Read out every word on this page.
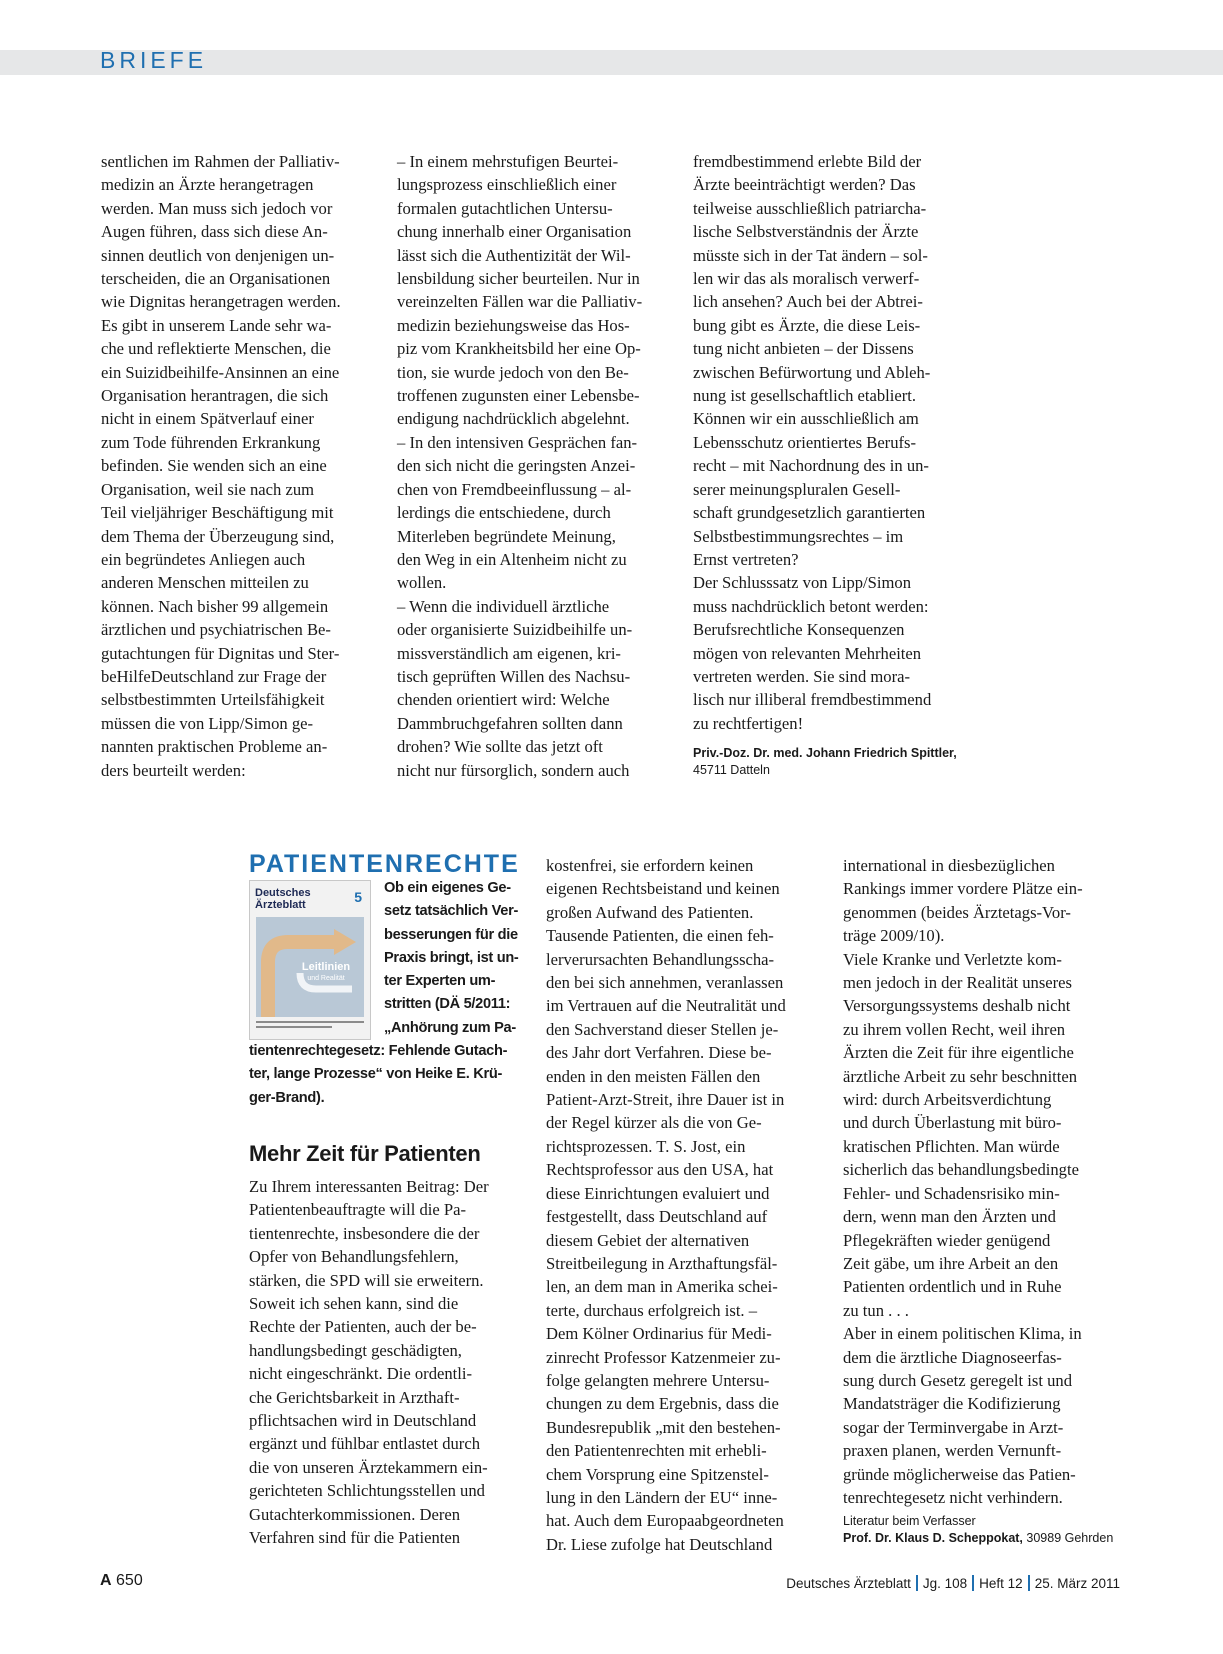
BRIEFE
sentlichen im Rahmen der Palliativ-
medizin an Ärzte herangetragen
werden. Man muss sich jedoch vor
Augen führen, dass sich diese An-
sinnen deutlich von denjenigen un-
terscheiden, die an Organisationen
wie Dignitas herangetragen werden.
Es gibt in unserem Lande sehr wa-
che und reflektierte Menschen, die
ein Suizidbeihilfe-Ansinnen an eine
Organisation herantragen, die sich
nicht in einem Spätverlauf einer
zum Tode führenden Erkrankung
befinden. Sie wenden sich an eine
Organisation, weil sie nach zum
Teil vieljähriger Beschäftigung mit
dem Thema der Überzeugung sind,
ein begründetes Anliegen auch
anderen Menschen mitteilen zu
können. Nach bisher 99 allgemein
ärztlichen und psychiatrischen Be-
gutachtungen für Dignitas und Ster-
beHilfeDeutschland zur Frage der
selbstbestimmten Urteilsfähigkeit
müssen die von Lipp/Simon ge-
nannten praktischen Probleme an-
ders beurteilt werden:
– In einem mehrstufigen Beurtei-
lungsprozess einschließlich einer
formalen gutachtlichen Untersu-
chung innerhalb einer Organisation
lässt sich die Authentizität der Wil-
lensbildung sicher beurteilen. Nur in
vereinzelten Fällen war die Palliativ-
medizin beziehungsweise das Hos-
piz vom Krankheitsbild her eine Op-
tion, sie wurde jedoch von den Be-
troffenen zugunsten einer Lebensbe-
endigung nachdrücklich abgelehnt.
– In den intensiven Gesprächen fan-
den sich nicht die geringsten Anzei-
chen von Fremdbeeinflussung – al-
lerdings die entschiedene, durch
Miterleben begründete Meinung,
den Weg in ein Altenheim nicht zu
wollen.
– Wenn die individuell ärztliche
oder organisierte Suizidbeihilfe un-
missverständlich am eigenen, kri-
tisch geprüften Willen des Nachsu-
chenden orientiert wird: Welche
Dammbruchgefahren sollten dann
drohen? Wie sollte das jetzt oft
nicht nur fürsorglich, sondern auch
fremdbestimmend erlebte Bild der
Ärzte beeinträchtigt werden? Das
teilweise ausschließlich patriarcha-
lische Selbstverständnis der Ärzte
müsste sich in der Tat ändern – sol-
len wir das als moralisch verwerf-
lich ansehen? Auch bei der Abtrei-
bung gibt es Ärzte, die diese Leis-
tung nicht anbieten – der Dissens
zwischen Befürwortung und Ableh-
nung ist gesellschaftlich etabliert.
Können wir ein ausschließlich am
Lebensschutz orientiertes Berufs-
recht – mit Nachordnung des in un-
serer meinungspluralen Gesell-
schaft grundgesetzlich garantierten
Selbstbestimmungsrechtes – im
Ernst vertreten?
Der Schlusssatz von Lipp/Simon
muss nachdrücklich betont werden:
Berufsrechtliche Konsequenzen
mögen von relevanten Mehrheiten
vertreten werden. Sie sind mora-
lisch nur illiberal fremdbestimmend
zu rechtfertigen!
Priv.-Doz. Dr. med. Johann Friedrich Spittler,
45711 Datteln
PATIENTENRECHTE
Deutsches
Ärzteblatt	5
Leitlinien
und Realität
Ob ein eigenes Ge-
setz tatsächlich Ver-
besserungen für die
Praxis bringt, ist un-
ter Experten um-
stritten (DÄ 5/2011:
„Anhörung zum Pa-
tientenrechtegesetz: Fehlende Gutach-
ter, lange Prozesse“ von Heike E. Krü-
ger-Brand).
Mehr Zeit für Patienten
Zu Ihrem interessanten Beitrag: Der
Patientenbeauftragte will die Pa-
tientenrechte, insbesondere die der
Opfer von Behandlungsfehlern,
stärken, die SPD will sie erweitern.
Soweit ich sehen kann, sind die
Rechte der Patienten, auch der be-
handlungsbedingt geschädigten,
nicht eingeschränkt. Die ordentli-
che Gerichtsbarkeit in Arzthaft-
pflichtsachen wird in Deutschland
ergänzt und fühlbar entlastet durch
die von unseren Ärztekammern ein-
gerichteten Schlichtungsstellen und
Gutachterkommissionen. Deren
Verfahren sind für die Patienten
kostenfrei, sie erfordern keinen
eigenen Rechtsbeistand und keinen
großen Aufwand des Patienten.
Tausende Patienten, die einen feh-
lerverursachten Behandlungsscha-
den bei sich annehmen, veranlassen
im Vertrauen auf die Neutralität und
den Sachverstand dieser Stellen je-
des Jahr dort Verfahren. Diese be-
enden in den meisten Fällen den
Patient-Arzt-Streit, ihre Dauer ist in
der Regel kürzer als die von Ge-
richtsprozessen. T. S. Jost, ein
Rechtsprofessor aus den USA, hat
diese Einrichtungen evaluiert und
festgestellt, dass Deutschland auf
diesem Gebiet der alternativen
Streitbeilegung in Arzthaftungsfäl-
len, an dem man in Amerika schei-
terte, durchaus erfolgreich ist. –
Dem Kölner Ordinarius für Medi-
zinrecht Professor Katzenmeier zu-
folge gelangten mehrere Untersu-
chungen zu dem Ergebnis, dass die
Bundesrepublik „mit den bestehen-
den Patientenrechten mit erhebli-
chem Vorsprung eine Spitzenstel-
lung in den Ländern der EU“ inne-
hat. Auch dem Europaabgeordneten
Dr. Liese zufolge hat Deutschland
international in diesbezüglichen
Rankings immer vordere Plätze ein-
genommen (beides Ärztetags-Vor-
träge 2009/10).
Viele Kranke und Verletzte kom-
men jedoch in der Realität unseres
Versorgungssystems deshalb nicht
zu ihrem vollen Recht, weil ihren
Ärzten die Zeit für ihre eigentliche
ärztliche Arbeit zu sehr beschnitten
wird: durch Arbeitsverdichtung
und durch Überlastung mit büro-
kratischen Pflichten. Man würde
sicherlich das behandlungsbedingte
Fehler- und Schadensrisiko min-
dern, wenn man den Ärzten und
Pflegekräften wieder genügend
Zeit gäbe, um ihre Arbeit an den
Patienten ordentlich und in Ruhe
zu tun . . .
Aber in einem politischen Klima, in
dem die ärztliche Diagnoseerfas-
sung durch Gesetz geregelt ist und
Mandatsträger die Kodifizierung
sogar der Terminvergabe in Arzt-
praxen planen, werden Vernunft-
gründe möglicherweise das Patien-
tenrechtegesetz nicht verhindern.
Literatur beim Verfasser
Prof. Dr. Klaus D. Scheppokat, 30989 Gehrden
A 650	Deutsches Ärzteblatt Jg. 108 Heft 12 25. März 2011
